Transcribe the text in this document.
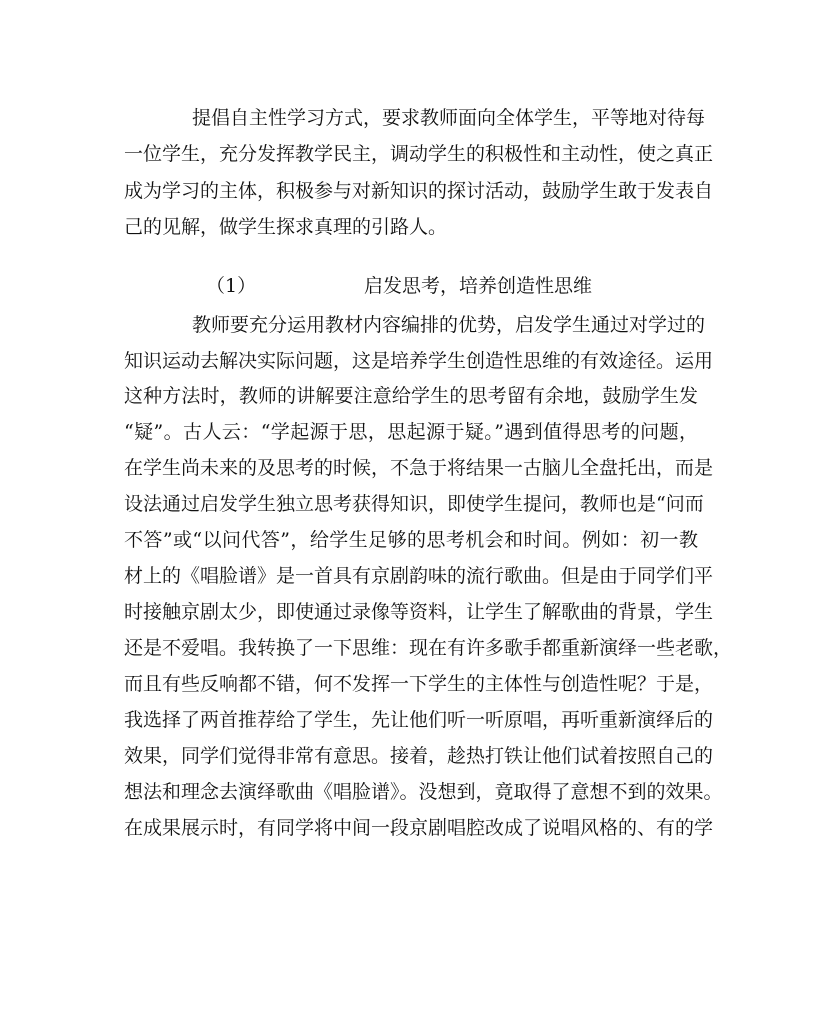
提倡自主性学习方式，要求教师面向全体学生，平等地对待每
一位学生，充分发挥教学民主，调动学生的积极性和主动性，使之真正
成为学习的主体，积极参与对新知识的探讨活动，鼓励学生敢于发表自
己的见解，做学生探求真理的引路人。
（1）	启发思考，培养创造性思维
教师要充分运用教材内容编排的优势，启发学生通过对学过的
知识运动去解决实际问题，这是培养学生创造性思维的有效途径。运用
这种方法时，教师的讲解要注意给学生的思考留有余地，鼓励学生发
“疑”。古人云：“学起源于思，思起源于疑。”遇到值得思考的问题，
在学生尚未来的及思考的时候，不急于将结果一古脑儿全盘托出，而是
设法通过启发学生独立思考获得知识，即使学生提问，教师也是“问而
不答”或“以问代答”，给学生足够的思考机会和时间。例如：初一教
材上的《唱脸谱》是一首具有京剧韵味的流行歌曲。但是由于同学们平
时接触京剧太少，即使通过录像等资料，让学生了解歌曲的背景，学生
还是不爱唱。我转换了一下思维：现在有许多歌手都重新演绎一些老歌，
而且有些反响都不错，何不发挥一下学生的主体性与创造性呢？于是，
我选择了两首推荐给了学生，先让他们听一听原唱，再听重新演绎后的
效果，同学们觉得非常有意思。接着，趁热打铁让他们试着按照自己的
想法和理念去演绎歌曲《唱脸谱》。没想到，竟取得了意想不到的效果。
在成果展示时，有同学将中间一段京剧唱腔改成了说唱风格的、有的学
